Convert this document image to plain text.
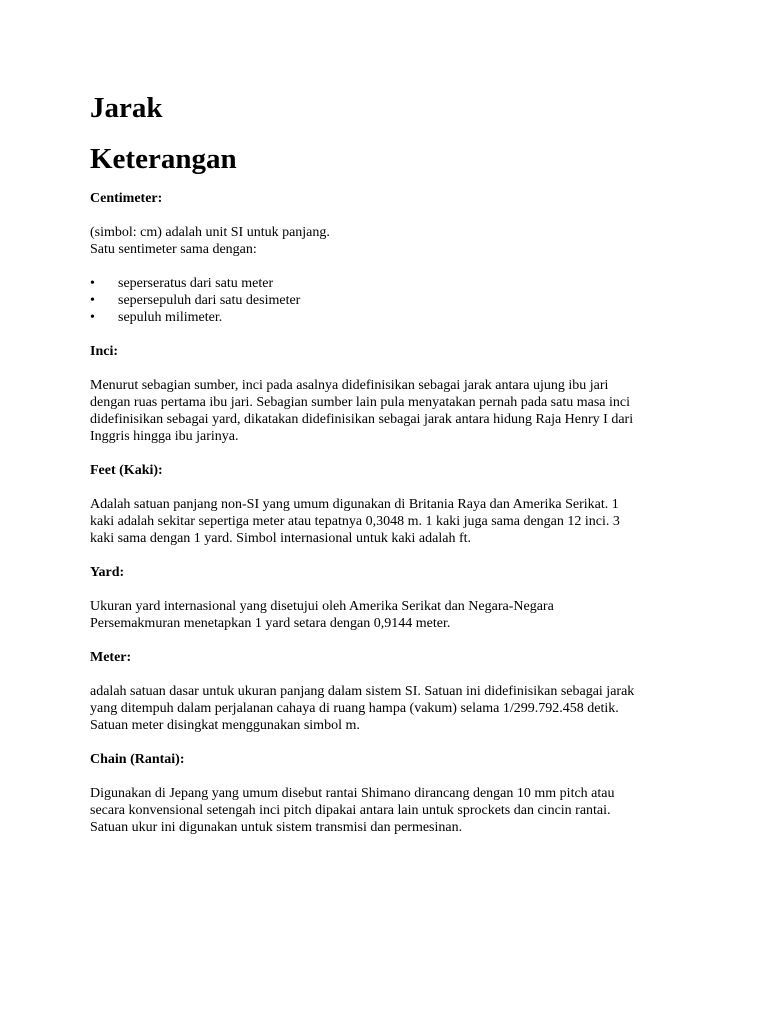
Jarak
Keterangan
Centimeter:

(simbol: cm) adalah unit SI untuk panjang.

Satu sentimeter sama dengan:

• seperseratus dari satu meter
• sepersepuluh dari satu desimeter
• sepuluh milimeter.
Inci:

Menurut sebagian sumber, inci pada asalnya didefinisikan sebagai jarak antara ujung ibu jari

dengan ruas pertama ibu jari. Sebagian sumber lain pula menyatakan pernah pada satu masa inci

didefinisikan sebagai yard, dikatakan didefinisikan sebagai jarak antara hidung Raja Henry I dari

Inggris hingga ibu jarinya.

Feet (Kaki):

Adalah satuan panjang non-SI yang umum digunakan di Britania Raya dan Amerika Serikat. 1

kaki adalah sekitar sepertiga meter atau tepatnya 0,3048 m. 1 kaki juga sama dengan 12 inci. 3

kaki sama dengan 1 yard. Simbol internasional untuk kaki adalah ft.

Yard:

Ukuran yard internasional yang disetujui oleh Amerika Serikat dan Negara-Negara

Persemakmuran menetapkan 1 yard setara dengan 0,9144 meter.

Meter:

adalah satuan dasar untuk ukuran panjang dalam sistem SI. Satuan ini didefinisikan sebagai jarak

yang ditempuh dalam perjalanan cahaya di ruang hampa (vakum) selama 1/299.792.458 detik.

Satuan meter disingkat menggunakan simbol m.

Chain (Rantai):

Digunakan di Jepang yang umum disebut rantai Shimano dirancang dengan 10 mm pitch atau

secara konvensional setengah inci pitch dipakai antara lain untuk sprockets dan cincin rantai.

Satuan ukur ini digunakan untuk sistem transmisi dan permesinan.
